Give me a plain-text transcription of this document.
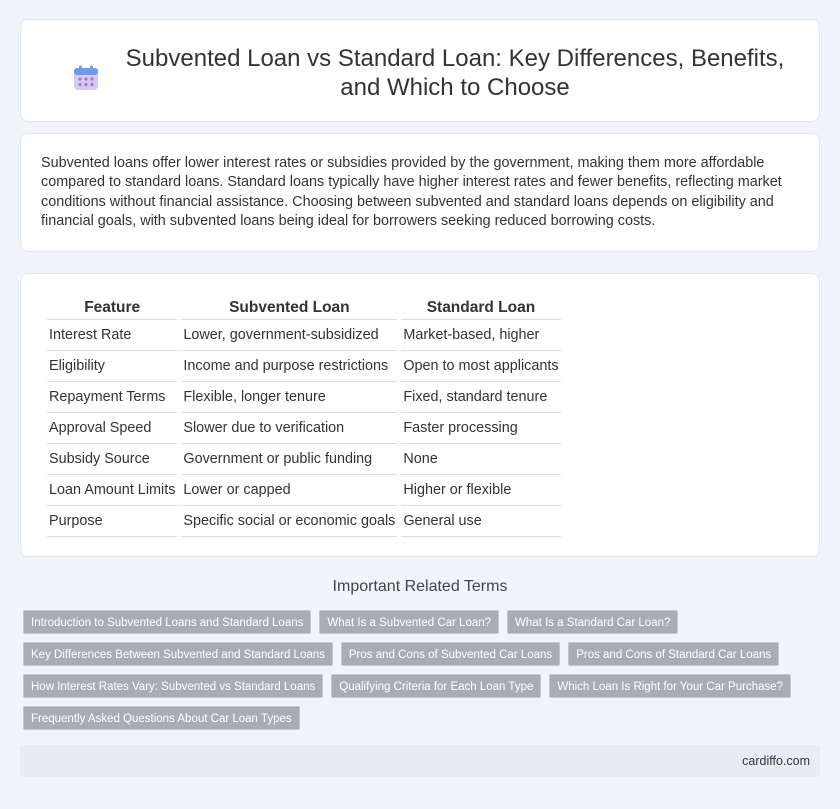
Subvented Loan vs Standard Loan: Key Differences, Benefits, and Which to Choose

Subvented loans offer lower interest rates or subsidies provided by the government, making them more affordable compared to standard loans. Standard loans typically have higher interest rates and fewer benefits, reflecting market conditions without financial assistance. Choosing between subvented and standard loans depends on eligibility and financial goals, with subvented loans being ideal for borrowers seeking reduced borrowing costs.

Feature	Subvented Loan	Standard Loan
Interest Rate	Lower, government-subsidized	Market-based, higher
Eligibility	Income and purpose restrictions	Open to most applicants
Repayment Terms	Flexible, longer tenure	Fixed, standard tenure
Approval Speed	Slower due to verification	Faster processing
Subsidy Source	Government or public funding	None
Loan Amount Limits	Lower or capped	Higher or flexible
Purpose	Specific social or economic goals	General use
Important Related Terms
Introduction to Subvented Loans and Standard Loans	What Is a Subvented Car Loan?	What Is a Standard Car Loan?
Key Differences Between Subvented and Standard Loans	Pros and Cons of Subvented Car Loans	Pros and Cons of Standard Car Loans
How Interest Rates Vary: Subvented vs Standard Loans	Qualifying Criteria for Each Loan Type	Which Loan Is Right for Your Car Purchase?
Frequently Asked Questions About Car Loan Types
cardiffo.com
